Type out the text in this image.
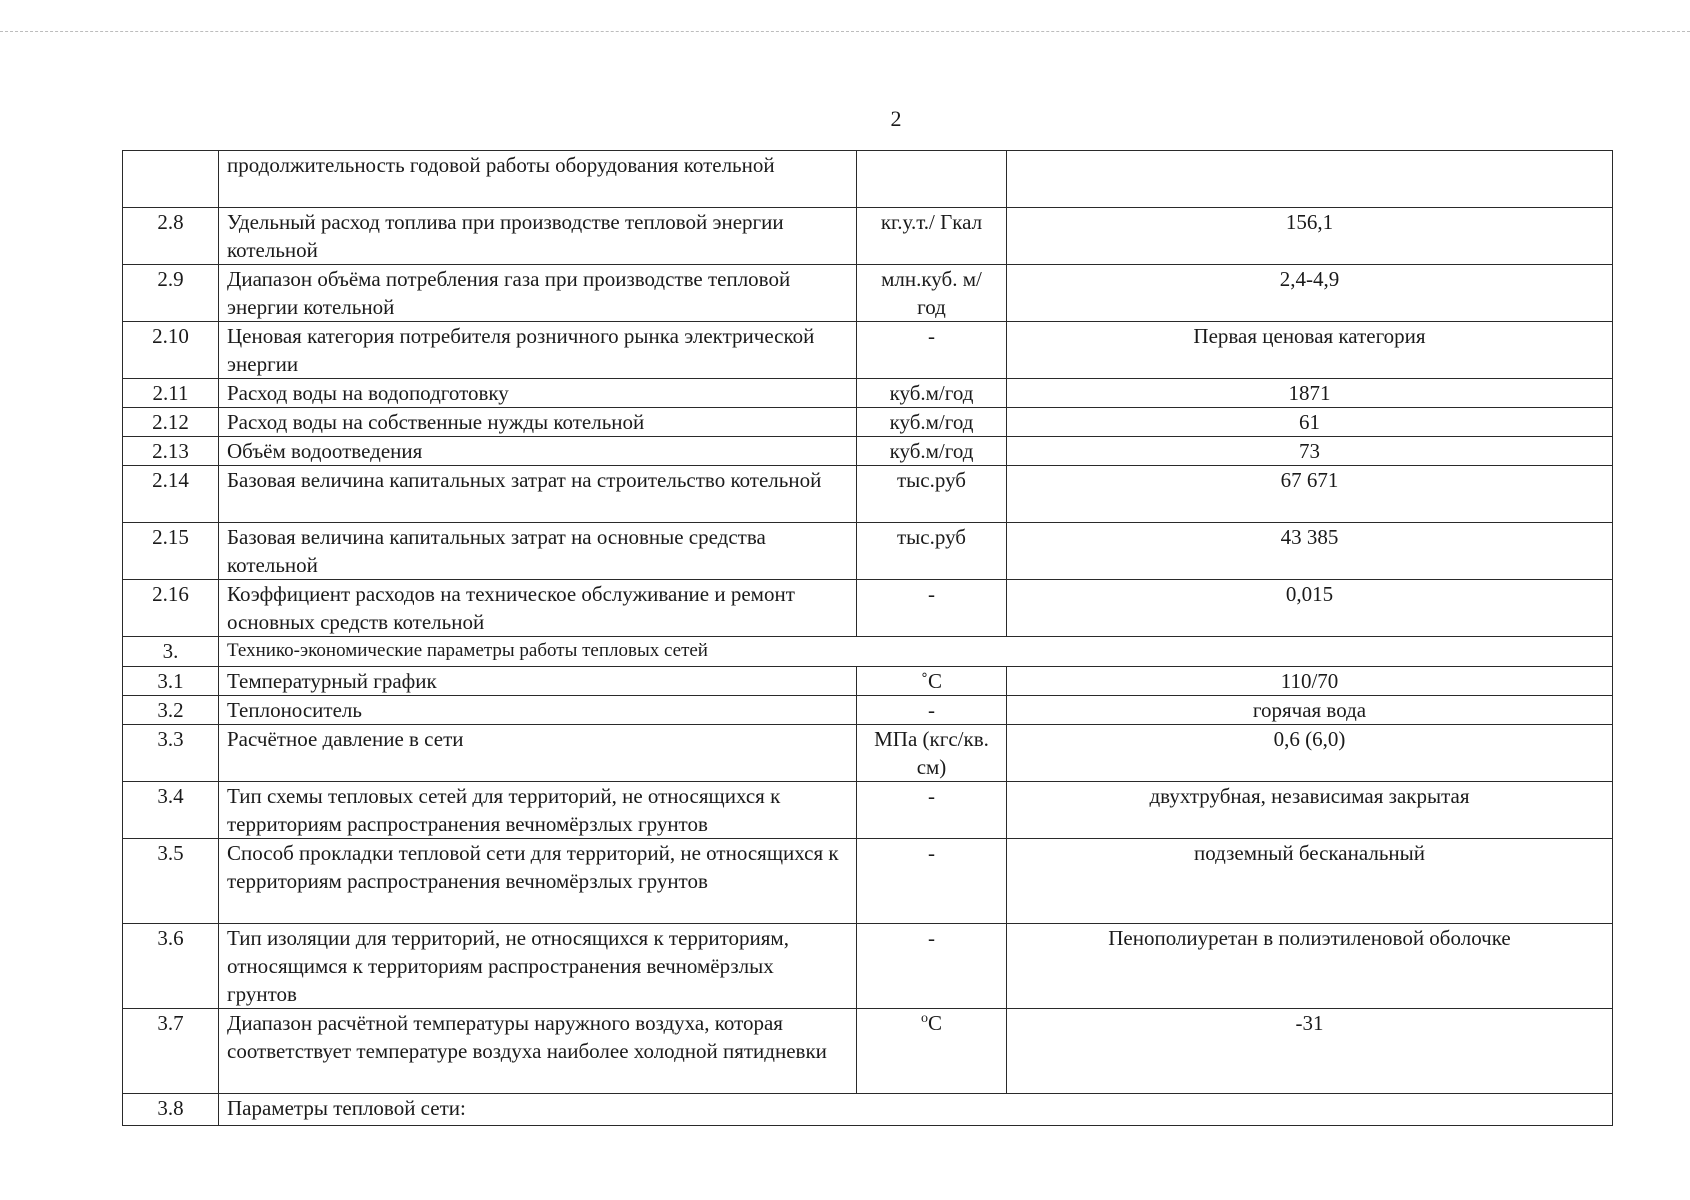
2
	продолжительность годовой работы оборудования котельной		
2.8	Удельный расход топлива при производстве тепловой энергии котельной	кг.у.т./ Гкал	156,1
2.9	Диапазон объёма потребления газа при производстве тепловой энергии котельной	млн.куб. м/ год	2,4-4,9
2.10	Ценовая категория потребителя розничного рынка электрической энергии	-	Первая ценовая категория
2.11	Расход воды на водоподготовку	куб.м/год	1871
2.12	Расход воды на собственные нужды котельной	куб.м/год	61
2.13	Объём водоотведения	куб.м/год	73
2.14	Базовая величина капитальных затрат на строительство котельной	тыс.руб	67 671
2.15	Базовая величина капитальных затрат на основные средства котельной	тыс.руб	43 385
2.16	Коэффициент расходов на техническое обслуживание и ремонт основных средств котельной	-	0,015
3.	Технико-экономические параметры работы тепловых сетей		
3.1	Температурный график	˚С	110/70
3.2	Теплоноситель	-	горячая вода
3.3	Расчётное давление в сети	МПа (кгс/кв. см)	0,6 (6,0)
3.4	Тип схемы тепловых сетей для территорий, не относящихся к территориям распространения вечномёрзлых грунтов	-	двухтрубная, независимая закрытая
3.5	Способ прокладки тепловой сети для территорий, не относящихся к территориям распространения вечномёрзлых грунтов	-	подземный бесканальный
3.6	Тип изоляции для территорий, не относящихся к территориям, относящимся к территориям распространения вечномёрзлых грунтов	-	Пенополиуретан в полиэтиленовой оболочке
3.7	Диапазон расчётной температуры наружного воздуха, которая соответствует температуре воздуха наиболее холодной пятидневки	$^o$С	-31
3.8	Параметры тепловой сети:		
